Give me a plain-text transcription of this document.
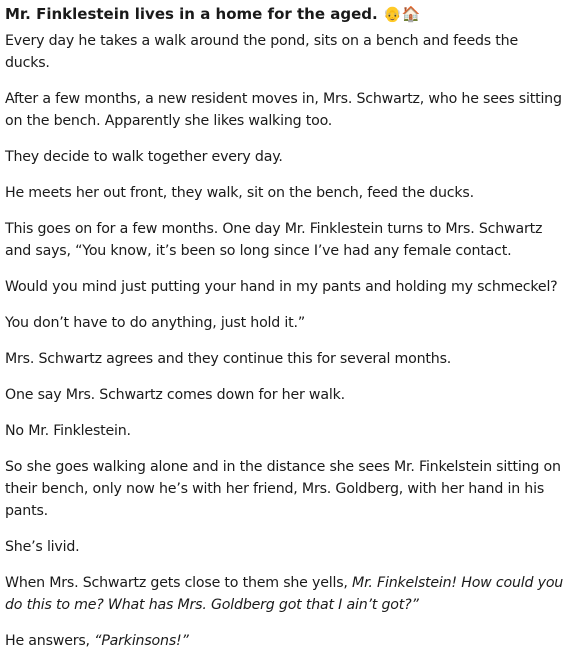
Mr. Finklestein lives in a home for the aged. 👴🏠

Every day he takes a walk around the pond, sits on a bench and feeds the ducks.

After a few months, a new resident moves in, Mrs. Schwartz, who he sees sitting on the bench. Apparently she likes walking too.

They decide to walk together every day.

He meets her out front, they walk, sit on the bench, feed the ducks.

This goes on for a few months. One day Mr. Finklestein turns to Mrs. Schwartz and says, “You know, it’s been so long since I’ve had any female contact.

Would you mind just putting your hand in my pants and holding my schmeckel?

You don’t have to do anything, just hold it.”

Mrs. Schwartz agrees and they continue this for several months.

One say Mrs. Schwartz comes down for her walk.

No Mr. Finklestein.

So she goes walking alone and in the distance she sees Mr. Finkelstein sitting on their bench, only now he’s with her friend, Mrs. Goldberg, with her hand in his pants.

She’s livid.

When Mrs. Schwartz gets close to them she yells, Mr. Finkelstein! How could you do this to me? What has Mrs. Goldberg got that I ain’t got?”

He answers, “Parkinsons!”
